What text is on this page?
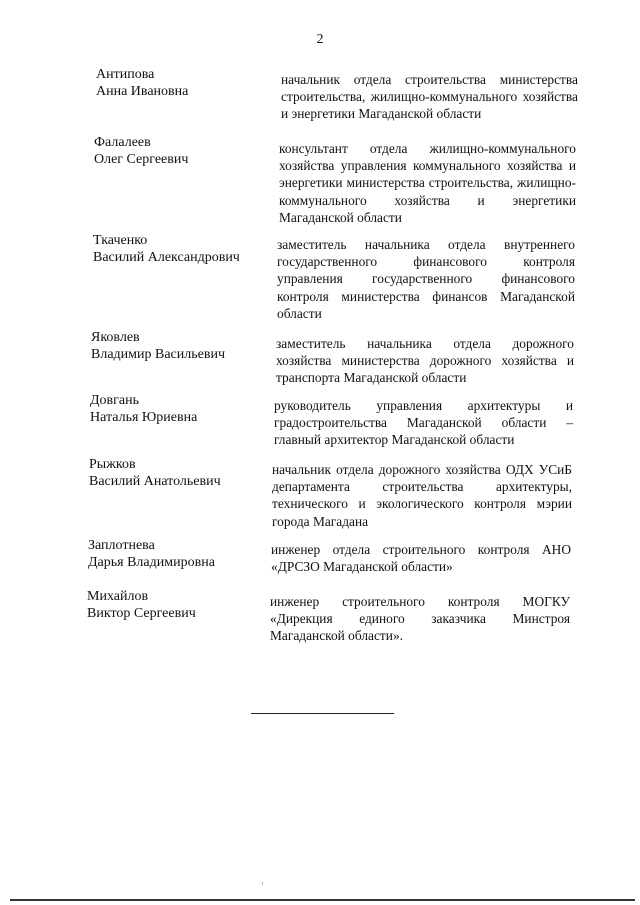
2
Антипова
Анна Ивановна
начальник отдела строительства министерства строительства, жилищно-коммунального хозяйства и энергетики Магаданской области
Фалалеев
Олег Сергеевич
консультант отдела жилищно-коммунального хозяйства управления коммунального хозяйства и энергетики министерства строительства, жилищно- коммунального хозяйства и энергетики Магаданской области
Ткаченко
Василий Александрович
заместитель начальника отдела внутреннего государственного финансового контроля управления государственного финансового контроля министерства финансов Магаданской области
Яковлев
Владимир Васильевич
заместитель начальника отдела дорожного хозяйства министерства дорожного хозяйства и транспорта Магаданской области
Довгань
Наталья Юриевна
руководитель управления архитектуры и градостроительства Магаданской области – главный архитектор Магаданской области
Рыжков
Василий Анатольевич
начальник отдела дорожного хозяйства ОДХ УСиБ департамента строительства архитектуры, технического и экологического контроля мэрии города Магадана
Заплотнева
Дарья Владимировна
инженер отдела строительного контроля АНО «ДРСЗО Магаданской области»
Михайлов
Виктор Сергеевич
инженер строительного контроля МОГКУ «Дирекция единого заказчика Минстроя Магаданской области».
